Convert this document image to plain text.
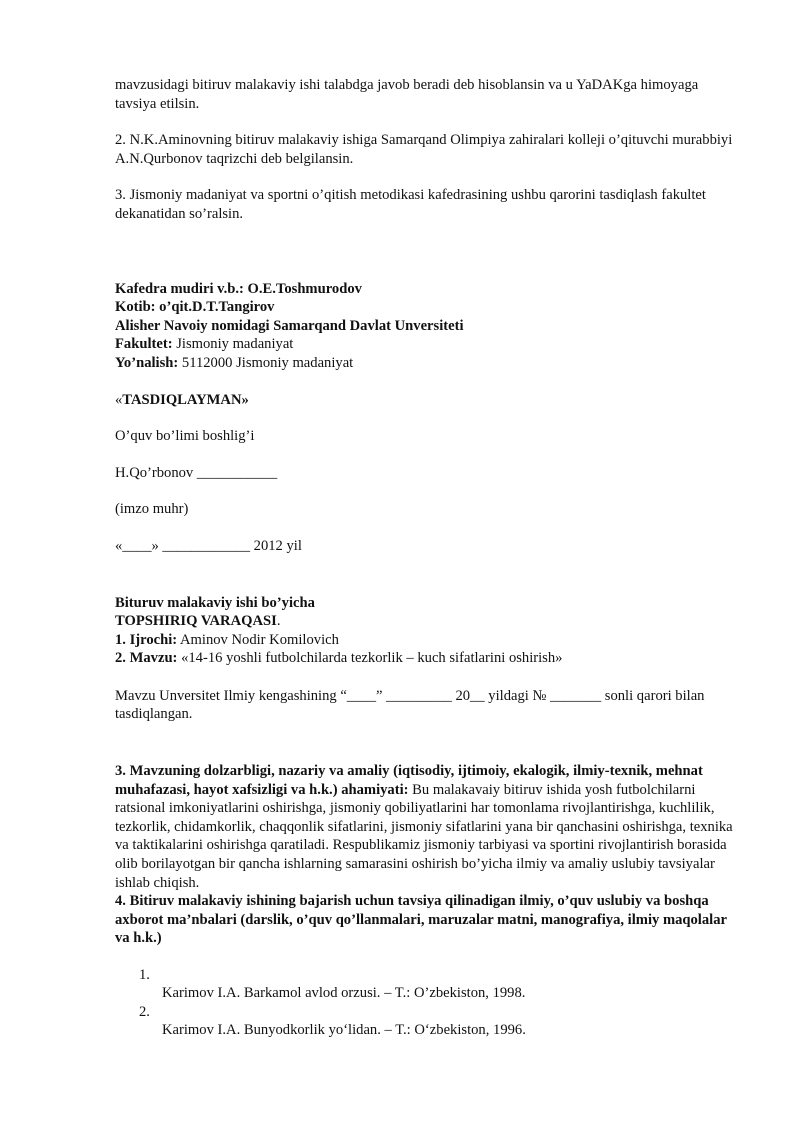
mavzusidagi bitiruv malakaviy ishi talabdga javob beradi deb hisoblansin va u YaDAKga himoyaga tavsiya etilsin.

2. N.K.Aminovning bitiruv malakaviy ishiga Samarqand Olimpiya zahiralari kolleji o’qituvchi murabbiyi A.N.Qurbonov taqrizchi deb belgilansin.

3. Jismoniy madaniyat va sportni o’qitish metodikasi kafedrasining ushbu qarorini tasdiqlash fakultet dekanatidan so’ralsin.

Kafedra mudiri v.b.: O.E.Toshmurodov

Kotib: o’qit.D.T.Tangirov

Alisher Navoiy nomidagi Samarqand Davlat Unversiteti

Fakultet: Jismoniy madaniyat

Yo’nalish: 5112000 Jismoniy madaniyat

«TASDIQLAYMAN»

O’quv bo’limi boshlig’i

H.Qo’rbonov ___________

(imzo muhr)

«____» ____________ 2012 yil

Bituruv malakaviy ishi bo’yicha

TOPSHIRIQ VARAQASI.

1. Ijrochi: Aminov Nodir Komilovich

2. Mavzu: «14-16 yoshli futbolchilarda tezkorlik – kuch sifatlarini oshirish»

Mavzu Unversitet Ilmiy kengashining “____” _________ 20__ yildagi № _______ sonli qarori bilan tasdiqlangan.

3. Mavzuning dolzarbligi, nazariy va amaliy (iqtisodiy, ijtimoiy, ekalogik, ilmiy-texnik, mehnat muhafazasi, hayot xafsizligi va h.k.) ahamiyati: Bu malakavaiy bitiruv ishida yosh futbolchilarni ratsional imkoniyatlarini oshirishga, jismoniy qobiliyatlarini har tomonlama rivojlantirishga, kuchlilik, tezkorlik, chidamkorlik, chaqqonlik sifatlarini, jismoniy sifatlarini yana bir qanchasini oshirishga, texnika va taktikalarini oshirishga qaratiladi. Respublikamiz jismoniy tarbiyasi va sportini rivojlantirish borasida olib borilayotgan bir qancha ishlarning samarasini oshirish bo’yicha ilmiy va amaliy uslubiy tavsiyalar ishlab chiqish.

4. Bitiruv malakaviy ishining bajarish uchun tavsiya qilinadigan ilmiy, o’quv uslubiy va boshqa axborot ma’nbalari (darslik, o’quv qo’llanmalari, maruzalar matni, manografiya, ilmiy maqolalar va h.k.)

1.
Karimov I.A. Barkamol avlod orzusi. – T.: O’zbekiston, 1998.
2.
Karimov I.A. Bunyodkorlik yo‘lidan. – T.: O‘zbekiston, 1996.
